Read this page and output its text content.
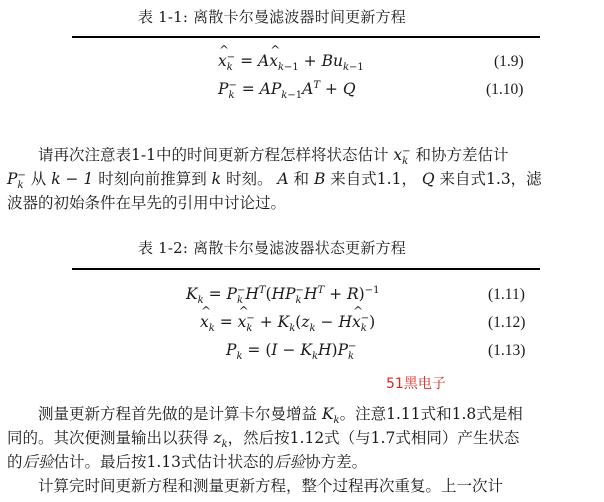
表 1-1: 离散卡尔曼滤波器时间更新方程
^ x −
k = A^ $x_{k-1} + Bu_{k-1}$	(1.9)
P −
$k = AP_{k-1}A^T + Q$	(1.10)
请再次注意表1-1中的时间更新方程怎样将状态估计 x −
k 和协方差估计
P −
k 从 k − 1 时刻向前推算到 k 时刻。 A 和 B 来自式1.1， Q 来自式1.3，滤
波器的初始条件在早先的引用中讨论过。
表 1-2: 离散卡尔曼滤波器状态更新方程
$K_k = P$ −
k $H^T(HP$ −
k $H^T + R)^{-1}$	(1.11)
^ $x_k$ = ^ x −
$k + K_k(z_k$ − H^ x −
k )	(1.12)
$P_k = (I - K_kH)P$ −
k	(1.13)
51黑电子
测量更新方程首先做的是计算卡尔曼增益 $K_k$。注意1.11式和1.8式是相
同的。其次便测量输出以获得 $z_k$，然后按1.12式（与1.7式相同）产生状态
的后验估计。最后按1.13式估计状态的后验协方差。
计算完时间更新方程和测量更新方程，整个过程再次重复。上一次计
